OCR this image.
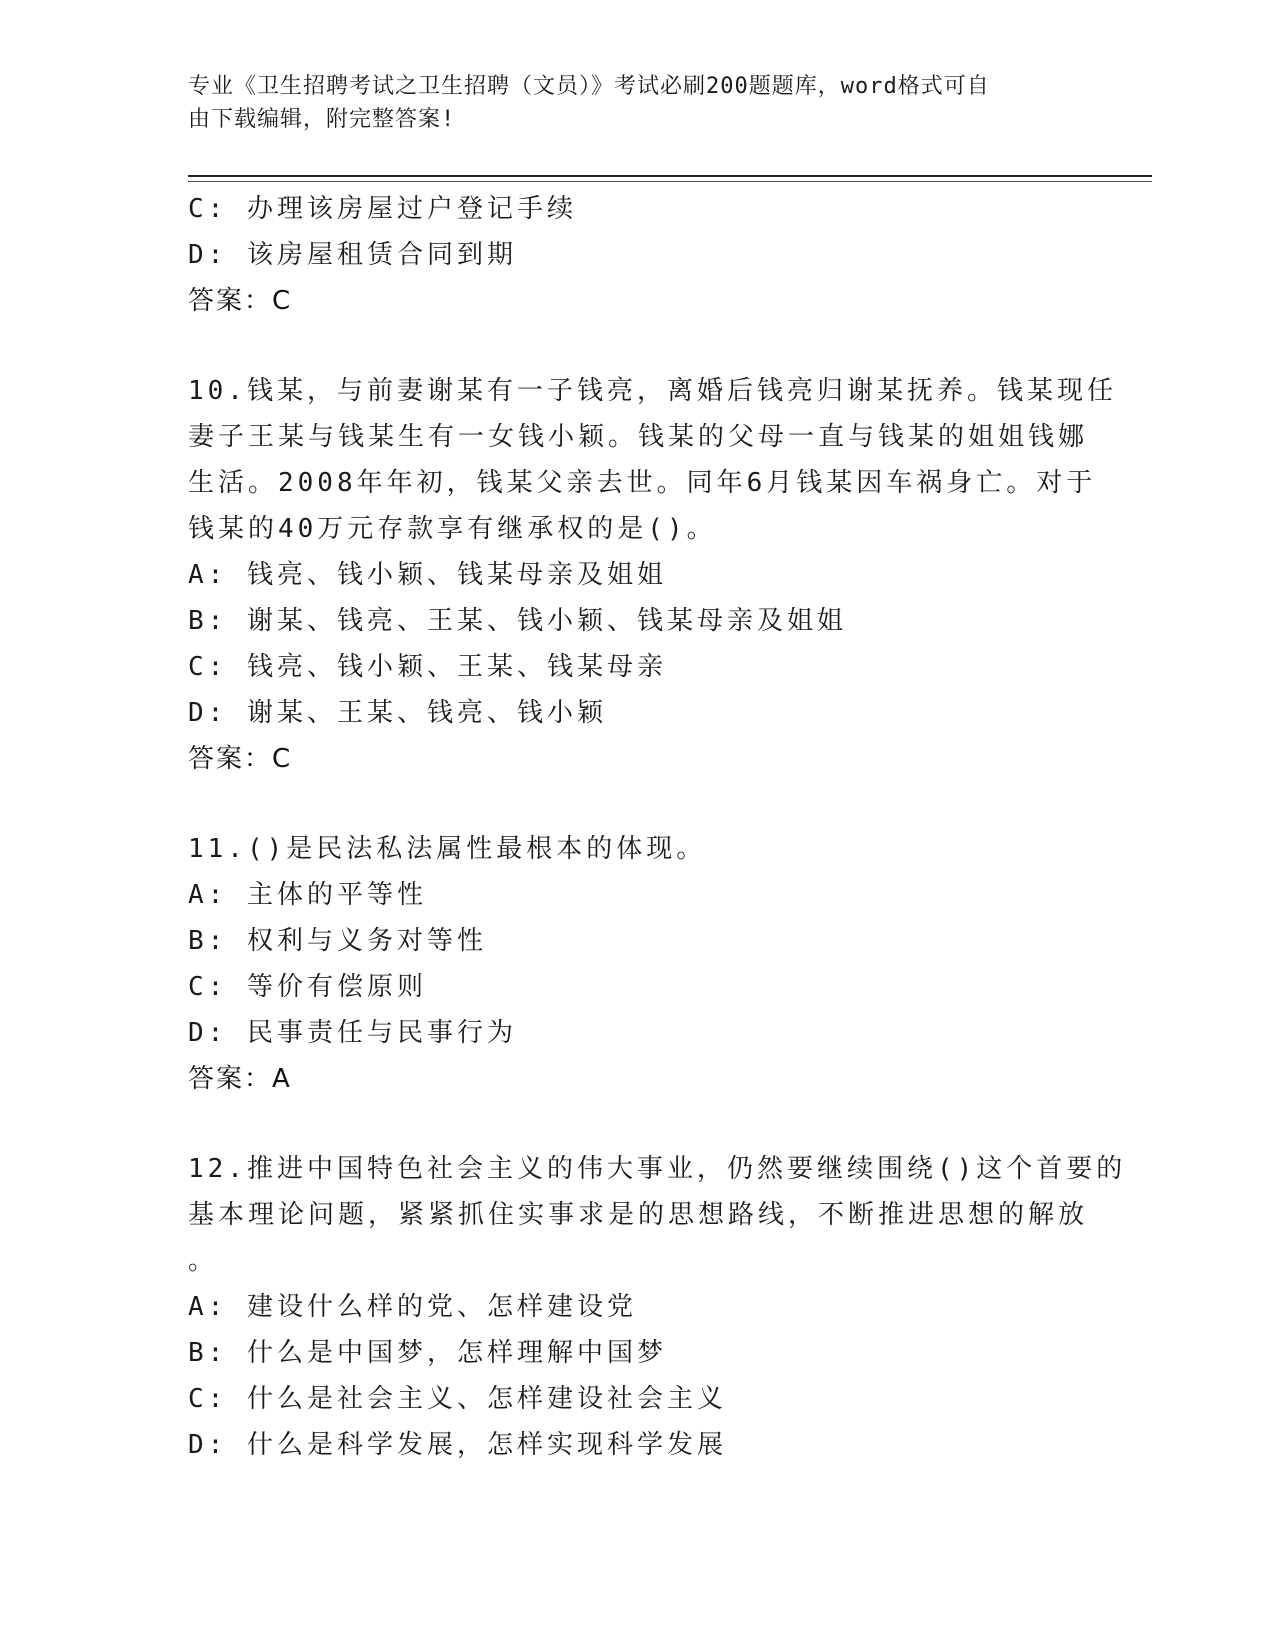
专业《卫生招聘考试之卫生招聘（文员）》考试必刷200题题库，word格式可自
由下载编辑，附完整答案!
C: 办理该房屋过户登记手续
D: 该房屋租赁合同到期
答案：C
10.钱某，与前妻谢某有一子钱亮，离婚后钱亮归谢某抚养。钱某现任
妻子王某与钱某生有一女钱小颖。钱某的父母一直与钱某的姐姐钱娜
生活。2008年年初，钱某父亲去世。同年6月钱某因车祸身亡。对于
钱某的40万元存款享有继承权的是()。
A: 钱亮、钱小颖、钱某母亲及姐姐
B: 谢某、钱亮、王某、钱小颖、钱某母亲及姐姐
C: 钱亮、钱小颖、王某、钱某母亲
D: 谢某、王某、钱亮、钱小颖
答案：C
11.()是民法私法属性最根本的体现。
A: 主体的平等性
B: 权利与义务对等性
C: 等价有偿原则
D: 民事责任与民事行为
答案：A
12.推进中国特色社会主义的伟大事业，仍然要继续围绕()这个首要的
基本理论问题，紧紧抓住实事求是的思想路线，不断推进思想的解放
。
A: 建设什么样的党、怎样建设党
B: 什么是中国梦，怎样理解中国梦
C: 什么是社会主义、怎样建设社会主义
D: 什么是科学发展，怎样实现科学发展
